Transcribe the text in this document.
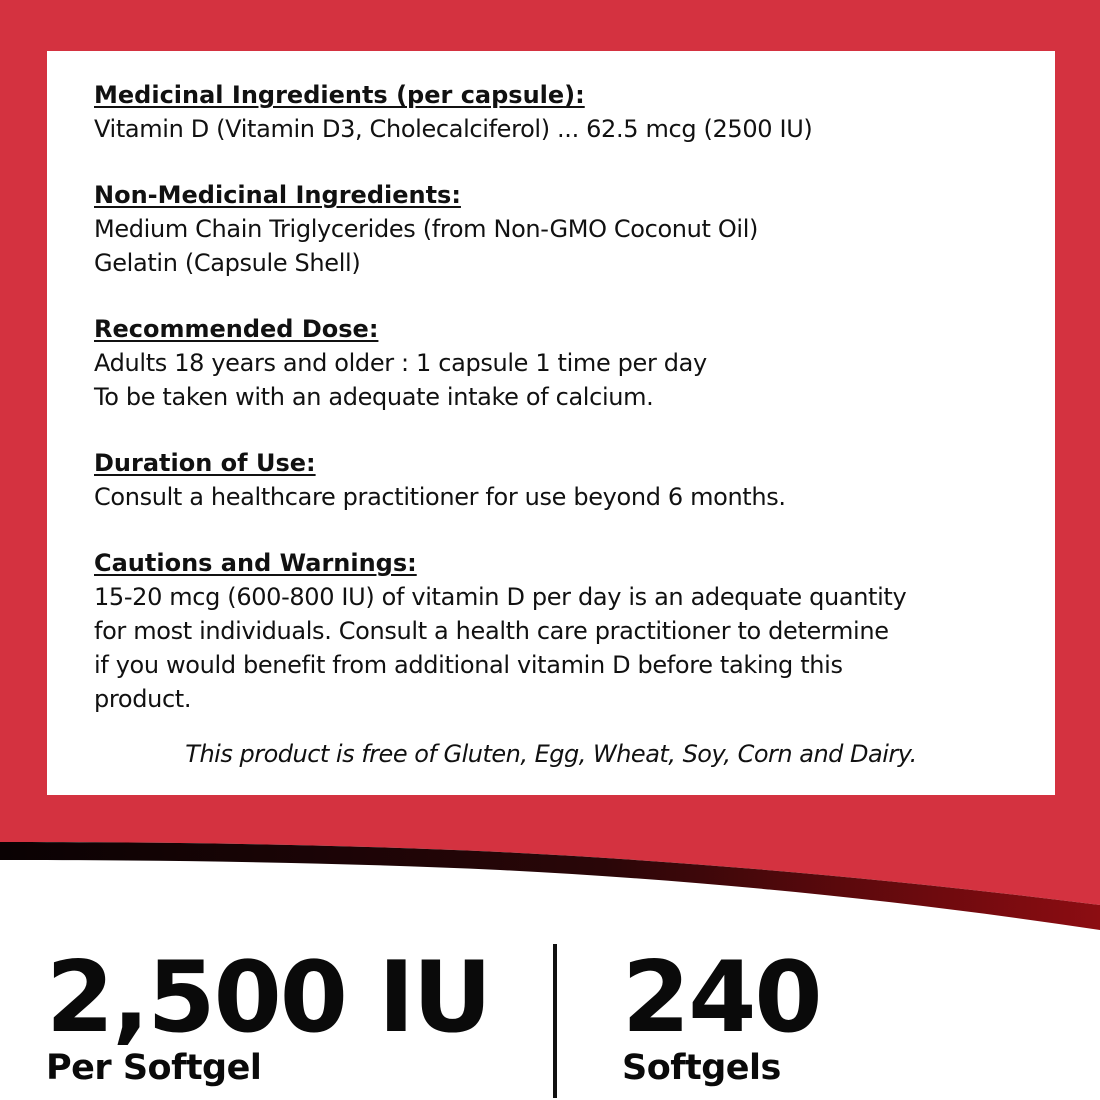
Medicinal Ingredients (per capsule):
Vitamin D (Vitamin D3, Cholecalciferol) ... 62.5 mcg (2500 IU)
Non-Medicinal Ingredients:
Medium Chain Triglycerides (from Non-GMO Coconut Oil)
Gelatin (Capsule Shell)
Recommended Dose:
Adults 18 years and older : 1 capsule 1 time per day
To be taken with an adequate intake of calcium.
Duration of Use:
Consult a healthcare practitioner for use beyond 6 months.
Cautions and Warnings:
15-20 mcg (600-800 IU) of vitamin D per day is an adequate quantity
for most individuals. Consult a health care practitioner to determine
if you would benefit from additional vitamin D before taking this
product.
This product is free of Gluten, Egg, Wheat, Soy, Corn and Dairy.
2,500 IU
Per Softgel
240
Softgels
